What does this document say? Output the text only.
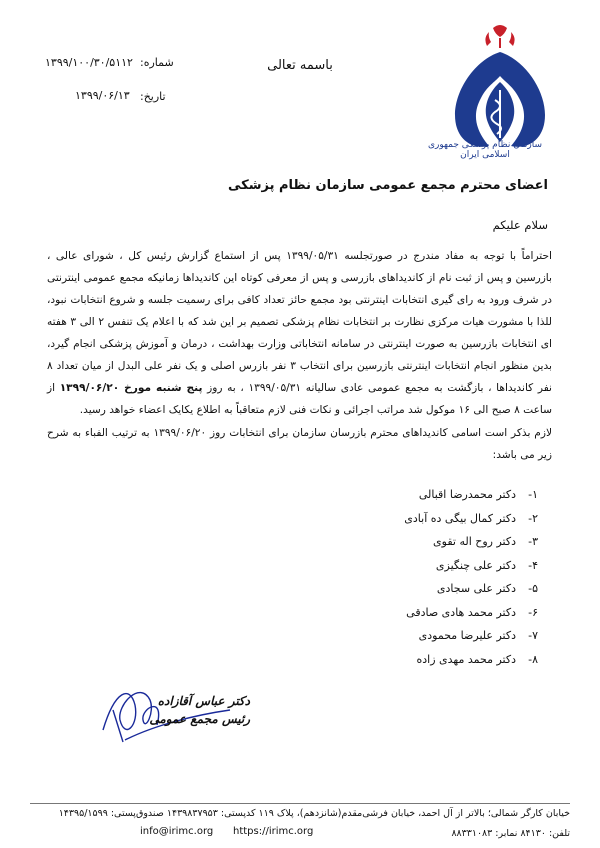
سازمان نظام پزشکی جمهوری اسلامی ایران
باسمه تعالی
شماره:
۱۳۹۹/۱۰۰/۳۰/۵۱۱۲
تاریخ:
۱۳۹۹/۰۶/۱۳
اعضای محترم مجمع عمومی سازمان نظام پزشکی
سلام علیکم

احتراماً با توجه به مفاد مندرج در صورتجلسه ۱۳۹۹/۰۵/۳۱ پس از استماع گزارش رئیس کل ، شورای عالی ، بازرسین و پس از ثبت نام از کاندیداهای بازرسی و پس از معرفی کوتاه این کاندیداها زمانیکه مجمع عمومی اینترنتی در شرف ورود به رای گیری انتخابات اینترنتی بود مجمع حائز تعداد کافی برای رسمیت جلسه و شروع انتخابات نبود، للذا با مشورت هیات مرکزی نظارت بر انتخابات نظام پزشکی تصمیم بر این شد که با اعلام یک تنفس ۲ الی ۳ هفته ای انتخابات بازرسین به صورت اینترنتی در سامانه انتخاباتی وزارت بهداشت ، درمان و آموزش پزشکی انجام گیرد، بدین منظور انجام انتخابات اینترنتی بازرسین برای انتخاب ۳ نفر بازرس اصلی و یک نفر علی البدل از میان تعداد ۸ نفر کاندیداها ، بازگشت به مجمع عمومی عادی سالیانه ۱۳۹۹/۰۵/۳۱ ، به روز پنج شنبه مورخ ۱۳۹۹/۰۶/۲۰ از ساعت ۸ صبح الی ۱۶ موکول شد مراتب اجرائی و نکات فنی لازم متعاقباً به اطلاع یکایک اعضاء خواهد رسید.

لازم بذکر است اسامی کاندیداهای محترم بازرسان سازمان برای انتخابات روز ۱۳۹۹/۰۶/۲۰ به ترتیب الفباء به شرح زیر می باشد:

۱-دکتر محمدرضا اقبالی
۲-دکتر کمال بیگی ده آبادی
۳-دکتر روح اله تقوی
۴-دکتر علی چنگیزی
۵-دکتر علی سجادی
۶-دکتر محمد هادی صادقی
۷-دکتر علیرضا محمودی
۸-دکتر محمد مهدی زاده
دکتر عباس آقازاده
رئیس مجمع عمومی
خیابان کارگر شمالی؛ بالاتر از آل احمد، خیابان فرشی‌مقدم(شانزدهم)، پلاک ۱۱۹ کدپستی: ۱۴۳۹۸۳۷۹۵۳ صندوق‌پستی: ۱۴۳۹۵/۱۵۹۹
تلفن: ۸۴۱۳۰ نمابر: ۸۸۳۳۱۰۸۳
https://irimc.org
info@irimc.org
